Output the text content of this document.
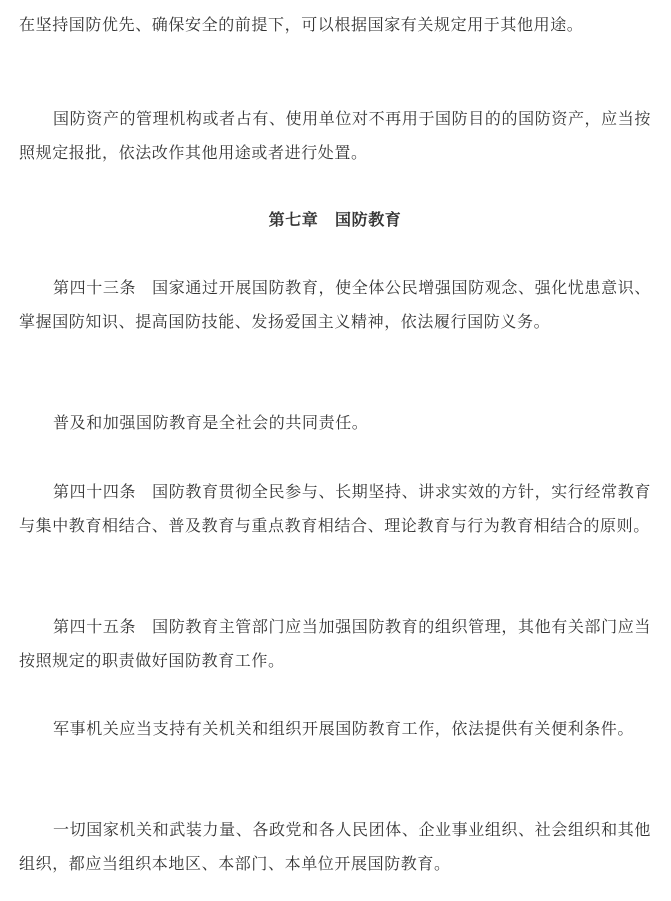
在坚持国防优先、确保安全的前提下，可以根据国家有关规定用于其他用途。

国防资产的管理机构或者占有、使用单位对不再用于国防目的的国防资产，应当按照规定报批，依法改作其他用途或者进行处置。

第七章　国防教育

第四十三条 国家通过开展国防教育，使全体公民增强国防观念、强化忧患意识、掌握国防知识、提高国防技能、发扬爱国主义精神，依法履行国防义务。

普及和加强国防教育是全社会的共同责任。

第四十四条 国防教育贯彻全民参与、长期坚持、讲求实效的方针，实行经常教育与集中教育相结合、普及教育与重点教育相结合、理论教育与行为教育相结合的原则。

第四十五条 国防教育主管部门应当加强国防教育的组织管理，其他有关部门应当按照规定的职责做好国防教育工作。

军事机关应当支持有关机关和组织开展国防教育工作，依法提供有关便利条件。

一切国家机关和武装力量、各政党和各人民团体、企业事业组织、社会组织和其他组织，都应当组织本地区、本部门、本单位开展国防教育。
